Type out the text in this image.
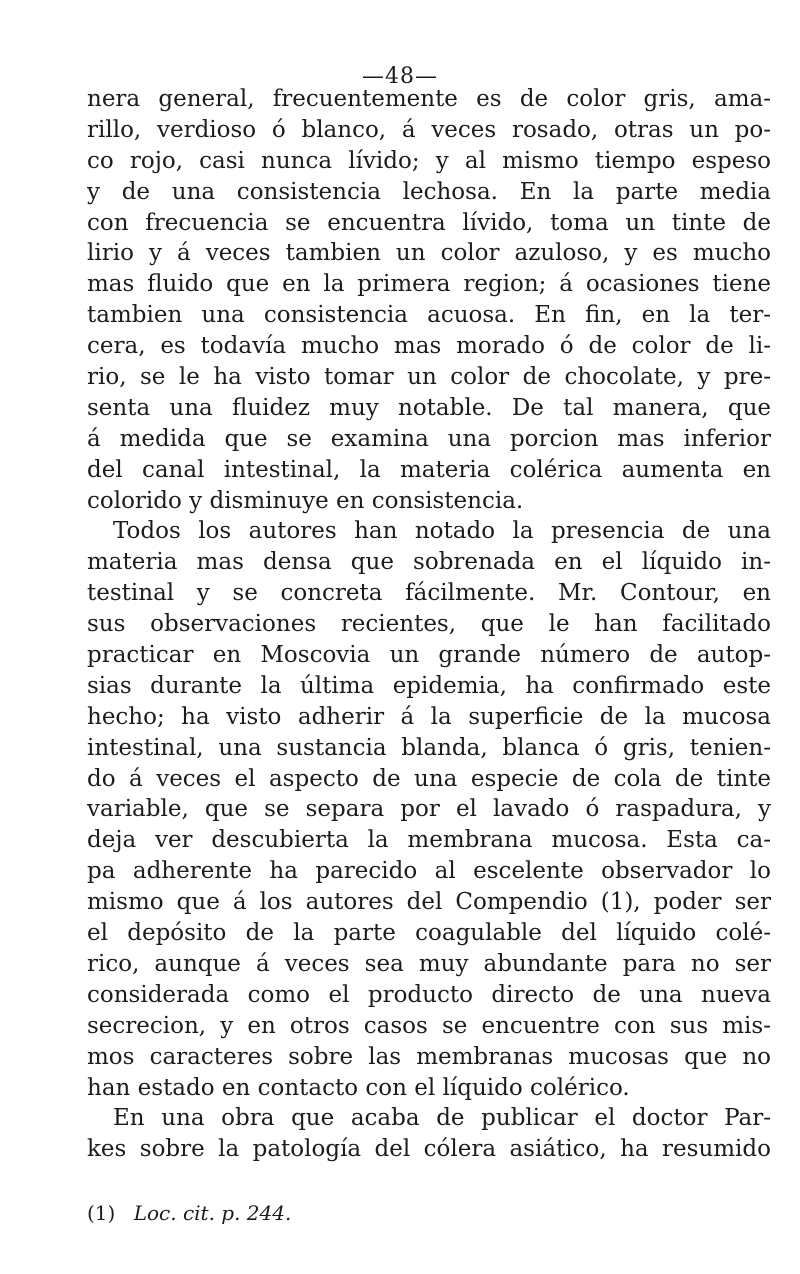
—48—
nera general, frecuentemente es de color gris, ama-
rillo, verdioso ó blanco, á veces rosado, otras un po-
co rojo, casi nunca lívido; y al mismo tiempo espeso
y de una consistencia lechosa. En la parte media
con frecuencia se encuentra lívido, toma un tinte de
lirio y á veces tambien un color azuloso, y es mucho
mas fluido que en la primera region; á ocasiones tiene
tambien una consistencia acuosa. En fin, en la ter-
cera, es todavía mucho mas morado ó de color de li-
rio, se le ha visto tomar un color de chocolate, y pre-
senta una fluidez muy notable. De tal manera, que
á medida que se examina una porcion mas inferior
del canal intestinal, la materia colérica aumenta en
colorido y disminuye en consistencia.
Todos los autores han notado la presencia de una
materia mas densa que sobrenada en el líquido in-
testinal y se concreta fácilmente. Mr. Contour, en
sus observaciones recientes, que le han facilitado
practicar en Moscovia un grande número de autop-
sias durante la última epidemia, ha confirmado este
hecho; ha visto adherir á la superficie de la mucosa
intestinal, una sustancia blanda, blanca ó gris, tenien-
do á veces el aspecto de una especie de cola de tinte
variable, que se separa por el lavado ó raspadura, y
deja ver descubierta la membrana mucosa. Esta ca-
pa adherente ha parecido al escelente observador lo
mismo que á los autores del Compendio (1), poder ser
el depósito de la parte coagulable del líquido colé-
rico, aunque á veces sea muy abundante para no ser
considerada como el producto directo de una nueva
secrecion, y en otros casos se encuentre con sus mis-
mos caracteres sobre las membranas mucosas que no
han estado en contacto con el líquido colérico.
En una obra que acaba de publicar el doctor Par-
kes sobre la patología del cólera asiático, ha resumido
(1) Loc. cit. p. 244.
